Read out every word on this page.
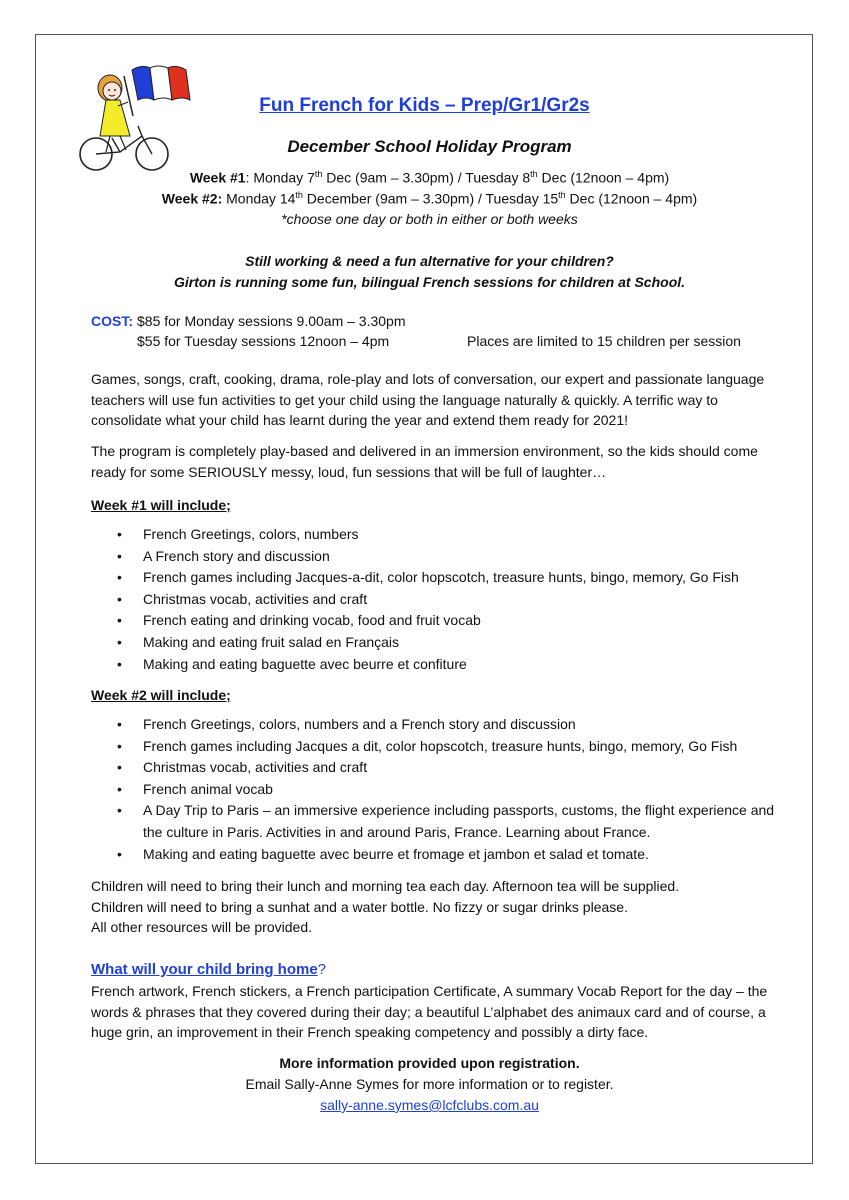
Fun French for Kids – Prep/Gr1/Gr2s
December School Holiday Program

Week #1: Monday 7th Dec (9am – 3.30pm) / Tuesday 8th Dec (12noon – 4pm)

Week #2: Monday 14th December (9am – 3.30pm) / Tuesday 15th Dec (12noon – 4pm)

*choose one day or both in either or both weeks

Still working & need a fun alternative for your children?

Girton is running some fun, bilingual French sessions for children at School.

COST: $85 for Monday sessions 9.00am – 3.30pm
$55 for Tuesday sessions 12noon – 4pm	Places are limited to 15 children per session

Games, songs, craft, cooking, drama, role-play and lots of conversation, our expert and passionate language teachers will use fun activities to get your child using the language naturally & quickly. A terrific way to consolidate what your child has learnt during the year and extend them ready for 2021!

The program is completely play-based and delivered in an immersion environment, so the kids should come ready for some SERIOUSLY messy, loud, fun sessions that will be full of laughter…

Week #1 will include;
• French Greetings, colors, numbers
• A French story and discussion
• French games including Jacques-a-dit, color hopscotch, treasure hunts, bingo, memory, Go Fish
• Christmas vocab, activities and craft
• French eating and drinking vocab, food and fruit vocab
• Making and eating fruit salad en Français
• Making and eating baguette avec beurre et confiture
Week #2 will include;
• French Greetings, colors, numbers and a French story and discussion
• French games including Jacques a dit, color hopscotch, treasure hunts, bingo, memory, Go Fish
• Christmas vocab, activities and craft
• French animal vocab
• A Day Trip to Paris – an immersive experience including passports, customs, the flight experience and the culture in Paris. Activities in and around Paris, France. Learning about France.
• Making and eating baguette avec beurre et fromage et jambon et salad et tomate.

Children will need to bring their lunch and morning tea each day. Afternoon tea will be supplied.

Children will need to bring a sunhat and a water bottle. No fizzy or sugar drinks please.

All other resources will be provided.

What will your child bring home?

French artwork, French stickers, a French participation Certificate, A summary Vocab Report for the day – the words & phrases that they covered during their day; a beautiful L’alphabet des animaux card and of course, a huge grin, an improvement in their French speaking competency and possibly a dirty face.

More information provided upon registration.

Email Sally-Anne Symes for more information or to register.

sally-anne.symes@lcfclubs.com.au
